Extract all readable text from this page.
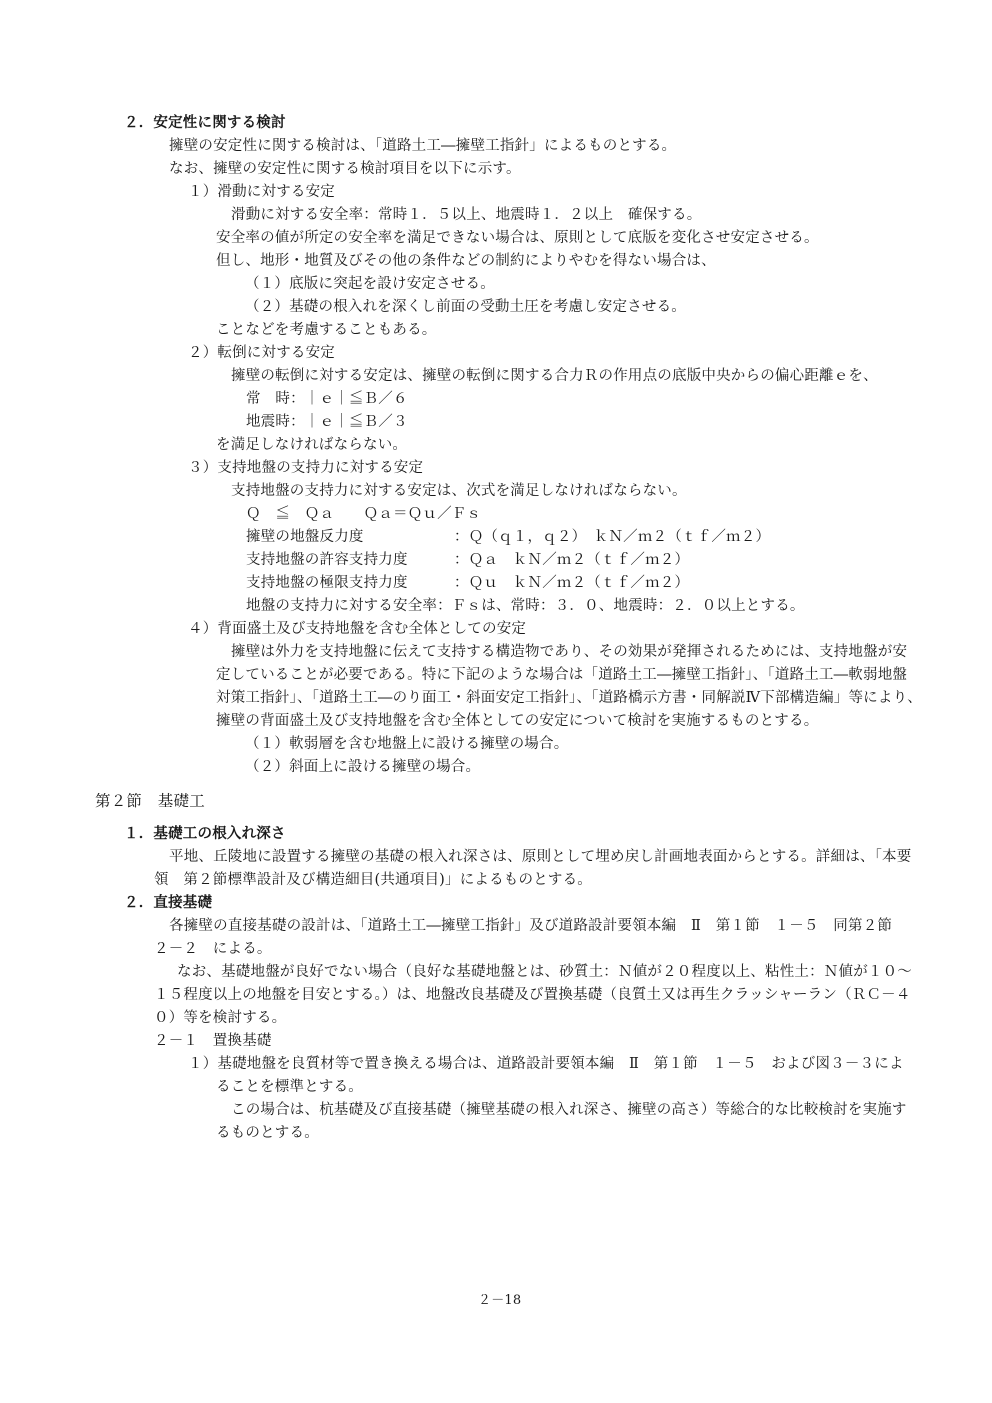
２．安定性に関する検討
擁壁の安定性に関する検討は、「道路土工―擁壁工指針」によるものとする。
なお、擁壁の安定性に関する検討項目を以下に示す。
１）滑動に対する安定
滑動に対する安全率：常時１．５以上、地震時１．２以上　確保する。
安全率の値が所定の安全率を満足できない場合は、原則として底版を変化させ安定させる。
但し、地形・地質及びその他の条件などの制約によりやむを得ない場合は、
（１）底版に突起を設け安定させる。
（２）基礎の根入れを深くし前面の受動土圧を考慮し安定させる。
ことなどを考慮することもある。
２）転倒に対する安定
擁壁の転倒に対する安定は、擁壁の転倒に関する合力Ｒの作用点の底版中央からの偏心距離ｅを、
常　時：｜ｅ｜≦Ｂ／６
地震時：｜ｅ｜≦Ｂ／３
を満足しなければならない。
３）支持地盤の支持力に対する安定
支持地盤の支持力に対する安定は、次式を満足しなければならない。
Ｑ　≦　Ｑａ　　Ｑａ＝Ｑｕ／Ｆｓ
擁壁の地盤反力度	：Ｑ（ｑ１，ｑ２）　ｋＮ／ｍ２（ｔｆ／ｍ２）
支持地盤の許容支持力度	：Ｑａ　ｋＮ／ｍ２（ｔｆ／ｍ２）
支持地盤の極限支持力度	：Ｑｕ　ｋＮ／ｍ２（ｔｆ／ｍ２）
地盤の支持力に対する安全率：Ｆｓは、常時：３．０、地震時：２．０以上とする。
４）背面盛土及び支持地盤を含む全体としての安定
擁壁は外力を支持地盤に伝えて支持する構造物であり、その効果が発揮されるためには、支持地盤が安
定していることが必要である。特に下記のような場合は「道路土工―擁壁工指針」、「道路土工―軟弱地盤
対策工指針」、「道路土工―のり面工・斜面安定工指針」、「道路橋示方書・同解説Ⅳ下部構造編」等により、
擁壁の背面盛土及び支持地盤を含む全体としての安定について検討を実施するものとする。
（１）軟弱層を含む地盤上に設ける擁壁の場合。
（２）斜面上に設ける擁壁の場合。
第２節　基礎工
１．基礎工の根入れ深さ
平地、丘陵地に設置する擁壁の基礎の根入れ深さは、原則として埋め戻し計画地表面からとする。詳細は、「本要
領　第２節標準設計及び構造細目(共通項目)」によるものとする。
２．直接基礎
各擁壁の直接基礎の設計は、「道路土工―擁壁工指針」及び道路設計要領本編　Ⅱ　第１節　１－５　同第２節
２－２　による。
なお、基礎地盤が良好でない場合（良好な基礎地盤とは、砂質土：Ｎ値が２０程度以上、粘性土：Ｎ値が１０～
１５程度以上の地盤を目安とする。）は、地盤改良基礎及び置換基礎（良質土又は再生クラッシャーラン（ＲＣ－４
０）等を検討する。
２－１　置換基礎
１）基礎地盤を良質材等で置き換える場合は、道路設計要領本編　Ⅱ　第１節　１－５　および図３－３によ
ることを標準とする。
この場合は、杭基礎及び直接基礎（擁壁基礎の根入れ深さ、擁壁の高さ）等総合的な比較検討を実施す
るものとする。
２－18
